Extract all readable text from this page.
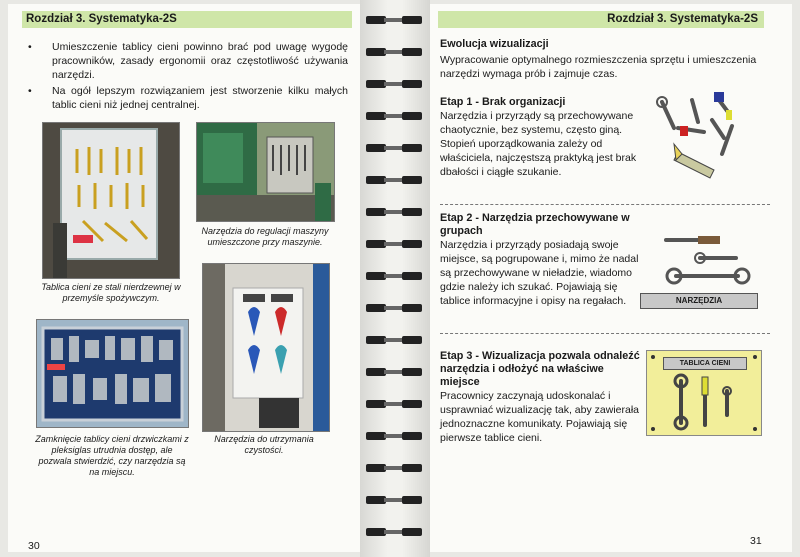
Rozdział 3. Systematyka-2S
• Umieszczenie tablicy cieni powinno brać pod uwagę wygodę pracowników, zasady ergonomii oraz częstotliwość używania narzędzi.
• Na ogół lepszym rozwiązaniem jest stworzenie kilku małych tablic cieni niż jednej centralnej.
Tablica cieni ze stali nierdzewnej w przemyśle spożywczym.
Narzędzia do regulacji maszyny umieszczone przy maszynie.
Zamknięcie tablicy cieni drzwiczkami z pleksiglas utrudnia dostęp, ale pozwala stwierdzić, czy narzędzia są na miejscu.
Narzędzia do utrzymania czystości.
30
Rozdział 3. Systematyka-2S
Ewolucja wizualizacji
Wypracowanie optymalnego rozmieszczenia sprzętu i umieszczenia narzędzi wymaga prób i zajmuje czas.
Etap 1 - Brak organizacji
Narzędzia i przyrządy są przechowywane chaotycznie, bez systemu, często giną. Stopień uporządkowania zależy od właściciela, najczęstszą praktyką jest brak dbałości i ciągłe szukanie.
Etap 2 - Narzędzia przechowywane w grupach
Narzędzia i przyrządy posiadają swoje miejsce, są pogrupowane i, mimo że nadal są przechowywane w nieładzie, wiadomo gdzie należy ich szukać. Pojawiają się tablice informacyjne i opisy na regałach.	NARZĘDZIA
Etap 3 - Wizualizacja pozwala odnaleźć narzędzia i odłożyć na właściwe miejsce
Pracownicy zaczynają udoskonalać i usprawniać wizualizację tak, aby zawierała jednoznaczne komunikaty. Pojawiają się pierwsze tablice cieni.
TABLICA CIENI
31
